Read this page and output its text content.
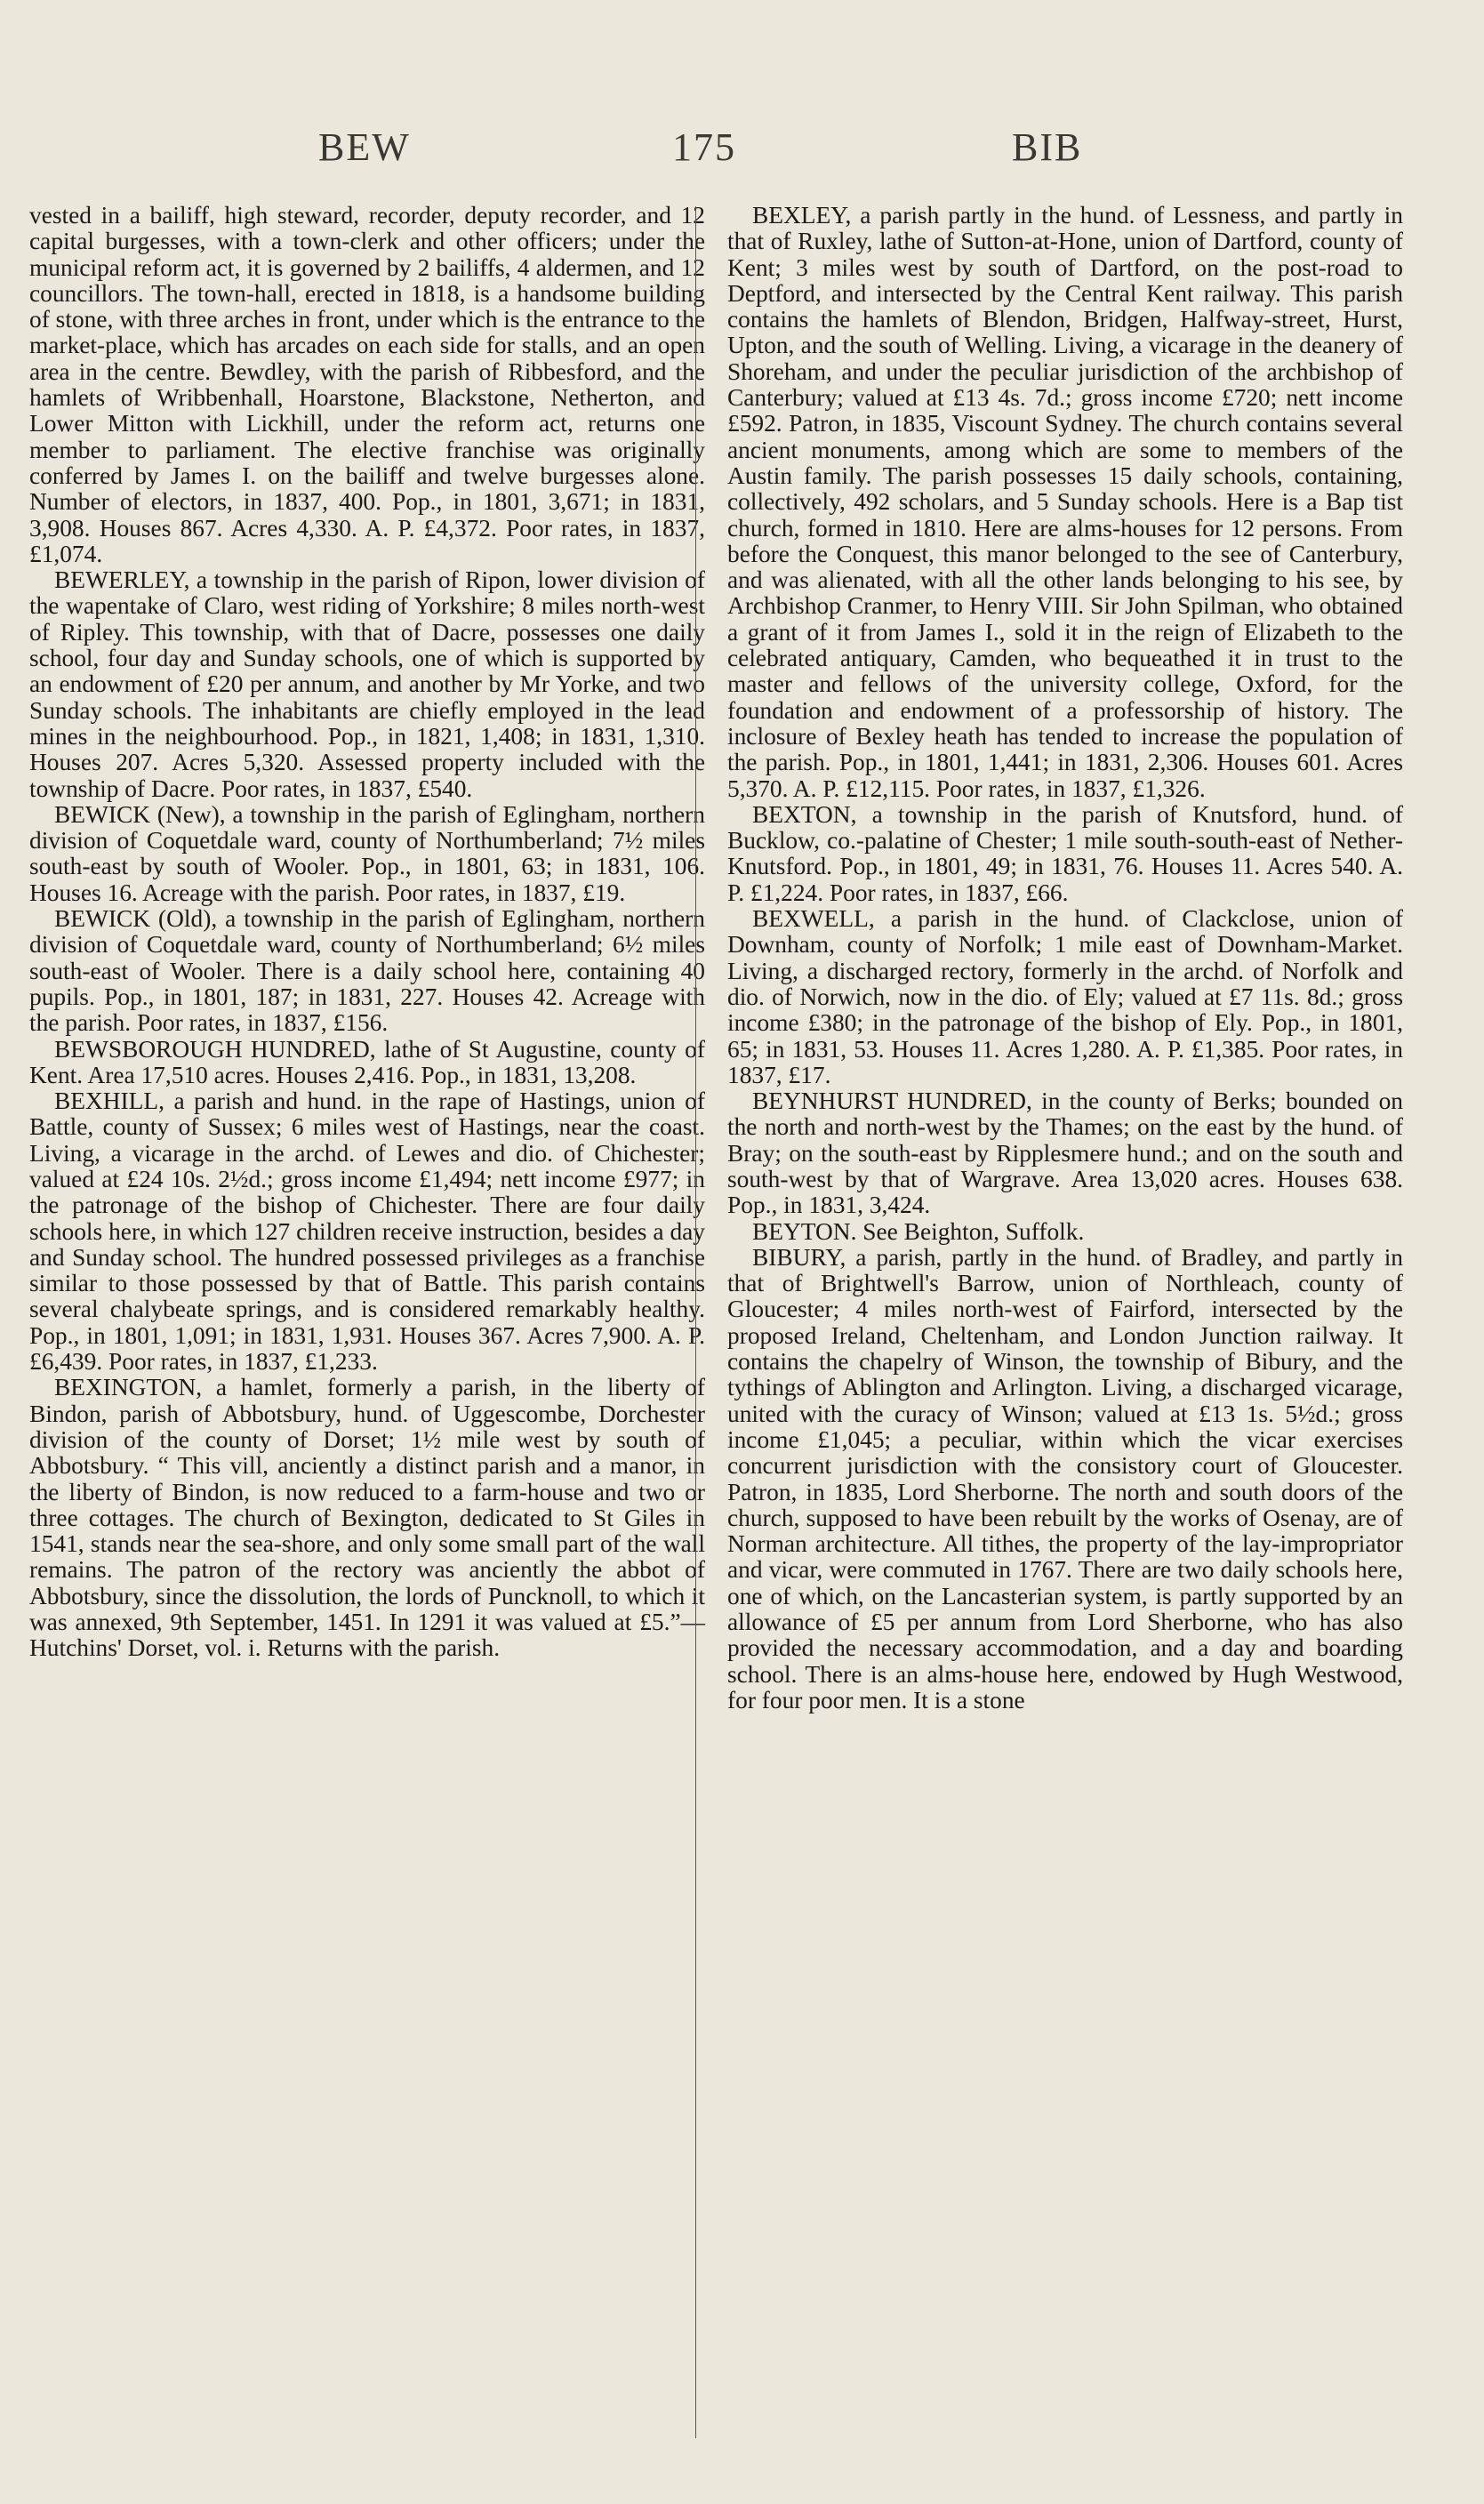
BEW	175	BIB

vested in a bailiff, high steward, recorder, deputy recorder, and 12 capital burgesses, with a town-clerk and other officers; under the municipal reform act, it is governed by 2 bailiffs, 4 aldermen, and 12 councillors. The town-hall, erected in 1818, is a handsome building of stone, with three arches in front, under which is the entrance to the market-place, which has arcades on each side for stalls, and an open area in the centre. Bewdley, with the parish of Ribbesford, and the hamlets of Wribbenhall, Hoarstone, Blackstone, Netherton, and Lower Mitton with Lickhill, under the reform act, returns one member to parliament. The elective franchise was originally conferred by James I. on the bailiff and twelve burgesses alone. Number of electors, in 1837, 400. Pop., in 1801, 3,671; in 1831, 3,908. Houses 867. Acres 4,330. A. P. £4,372. Poor rates, in 1837, £1,074.

BEWERLEY, a township in the parish of Ripon, lower division of the wapentake of Claro, west riding of Yorkshire; 8 miles north-west of Ripley. This township, with that of Dacre, possesses one daily school, four day and Sunday schools, one of which is supported by an endowment of £20 per annum, and another by Mr Yorke, and two Sunday schools. The inhabitants are chiefly employed in the lead mines in the neighbourhood. Pop., in 1821, 1,408; in 1831, 1,310. Houses 207. Acres 5,320. Assessed property included with the township of Dacre. Poor rates, in 1837, £540.

BEWICK (New), a township in the parish of Eglingham, northern division of Coquetdale ward, county of Northumberland; 7½ miles south-east by south of Wooler. Pop., in 1801, 63; in 1831, 106. Houses 16. Acreage with the parish. Poor rates, in 1837, £19.

BEWICK (Old), a township in the parish of Eglingham, northern division of Coquetdale ward, county of Northumberland; 6½ miles south-east of Wooler. There is a daily school here, containing 40 pupils. Pop., in 1801, 187; in 1831, 227. Houses 42. Acreage with the parish. Poor rates, in 1837, £156.

BEWSBOROUGH HUNDRED, lathe of St Augustine, county of Kent. Area 17,510 acres. Houses 2,416. Pop., in 1831, 13,208.

BEXHILL, a parish and hund. in the rape of Hastings, union of Battle, county of Sussex; 6 miles west of Hastings, near the coast. Living, a vicarage in the archd. of Lewes and dio. of Chichester; valued at £24 10s. 2½d.; gross income £1,494; nett income £977; in the patronage of the bishop of Chichester. There are four daily schools here, in which 127 children receive instruction, besides a day and Sunday school. The hundred possessed privileges as a franchise similar to those possessed by that of Battle. This parish contains several chalybeate springs, and is considered remarkably healthy. Pop., in 1801, 1,091; in 1831, 1,931. Houses 367. Acres 7,900. A. P. £6,439. Poor rates, in 1837, £1,233.

BEXINGTON, a hamlet, formerly a parish, in the liberty of Bindon, parish of Abbotsbury, hund. of Uggescombe, Dorchester division of the county of Dorset; 1½ mile west by south of Abbotsbury. “ This vill, anciently a distinct parish and a manor, in the liberty of Bindon, is now reduced to a farm-house and two or three cottages. The church of Bexington, dedicated to St Giles in 1541, stands near the sea-shore, and only some small part of the wall remains. The patron of the rectory was anciently the abbot of Abbotsbury, since the dissolution, the lords of Puncknoll, to which it was annexed, 9th September, 1451. In 1291 it was valued at £5.”—Hutchins' Dorset, vol. i. Returns with the parish.

BEXLEY, a parish partly in the hund. of Lessness, and partly in that of Ruxley, lathe of Sutton-at-Hone, union of Dartford, county of Kent; 3 miles west by south of Dartford, on the post-road to Deptford, and intersected by the Central Kent railway. This parish contains the hamlets of Blendon, Bridgen, Halfway-street, Hurst, Upton, and the south of Welling. Living, a vicarage in the deanery of Shoreham, and under the peculiar jurisdiction of the archbishop of Canterbury; valued at £13 4s. 7d.; gross income £720; nett income £592. Patron, in 1835, Viscount Sydney. The church contains several ancient monuments, among which are some to members of the Austin family. The parish possesses 15 daily schools, containing, collectively, 492 scholars, and 5 Sunday schools. Here is a Bap tist church, formed in 1810. Here are alms-houses for 12 persons. From before the Conquest, this manor belonged to the see of Canterbury, and was alienated, with all the other lands belonging to his see, by Archbishop Cranmer, to Henry VIII. Sir John Spilman, who obtained a grant of it from James I., sold it in the reign of Elizabeth to the celebrated antiquary, Camden, who bequeathed it in trust to the master and fellows of the university college, Oxford, for the foundation and endowment of a professorship of history. The inclosure of Bexley heath has tended to increase the population of the parish. Pop., in 1801, 1,441; in 1831, 2,306. Houses 601. Acres 5,370. A. P. £12,115. Poor rates, in 1837, £1,326.

BEXTON, a township in the parish of Knutsford, hund. of Bucklow, co.-palatine of Chester; 1 mile south-south-east of Nether-Knutsford. Pop., in 1801, 49; in 1831, 76. Houses 11. Acres 540. A. P. £1,224. Poor rates, in 1837, £66.

BEXWELL, a parish in the hund. of Clackclose, union of Downham, county of Norfolk; 1 mile east of Downham-Market. Living, a discharged rectory, formerly in the archd. of Norfolk and dio. of Norwich, now in the dio. of Ely; valued at £7 11s. 8d.; gross income £380; in the patronage of the bishop of Ely. Pop., in 1801, 65; in 1831, 53. Houses 11. Acres 1,280. A. P. £1,385. Poor rates, in 1837, £17.

BEYNHURST HUNDRED, in the county of Berks; bounded on the north and north-west by the Thames; on the east by the hund. of Bray; on the south-east by Ripplesmere hund.; and on the south and south-west by that of Wargrave. Area 13,020 acres. Houses 638. Pop., in 1831, 3,424.

BEYTON. See Beighton, Suffolk.

BIBURY, a parish, partly in the hund. of Bradley, and partly in that of Brightwell's Barrow, union of Northleach, county of Gloucester; 4 miles north-west of Fairford, intersected by the proposed Ireland, Cheltenham, and London Junction railway. It contains the chapelry of Winson, the township of Bibury, and the tythings of Ablington and Arlington. Living, a discharged vicarage, united with the curacy of Winson; valued at £13 1s. 5½d.; gross income £1,045; a peculiar, within which the vicar exercises concurrent jurisdiction with the consistory court of Gloucester. Patron, in 1835, Lord Sherborne. The north and south doors of the church, supposed to have been rebuilt by the works of Osenay, are of Norman architecture. All tithes, the property of the lay-impropriator and vicar, were commuted in 1767. There are two daily schools here, one of which, on the Lancasterian system, is partly supported by an allowance of £5 per annum from Lord Sherborne, who has also provided the necessary accommodation, and a day and boarding school. There is an alms-house here, endowed by Hugh Westwood, for four poor men. It is a stone
